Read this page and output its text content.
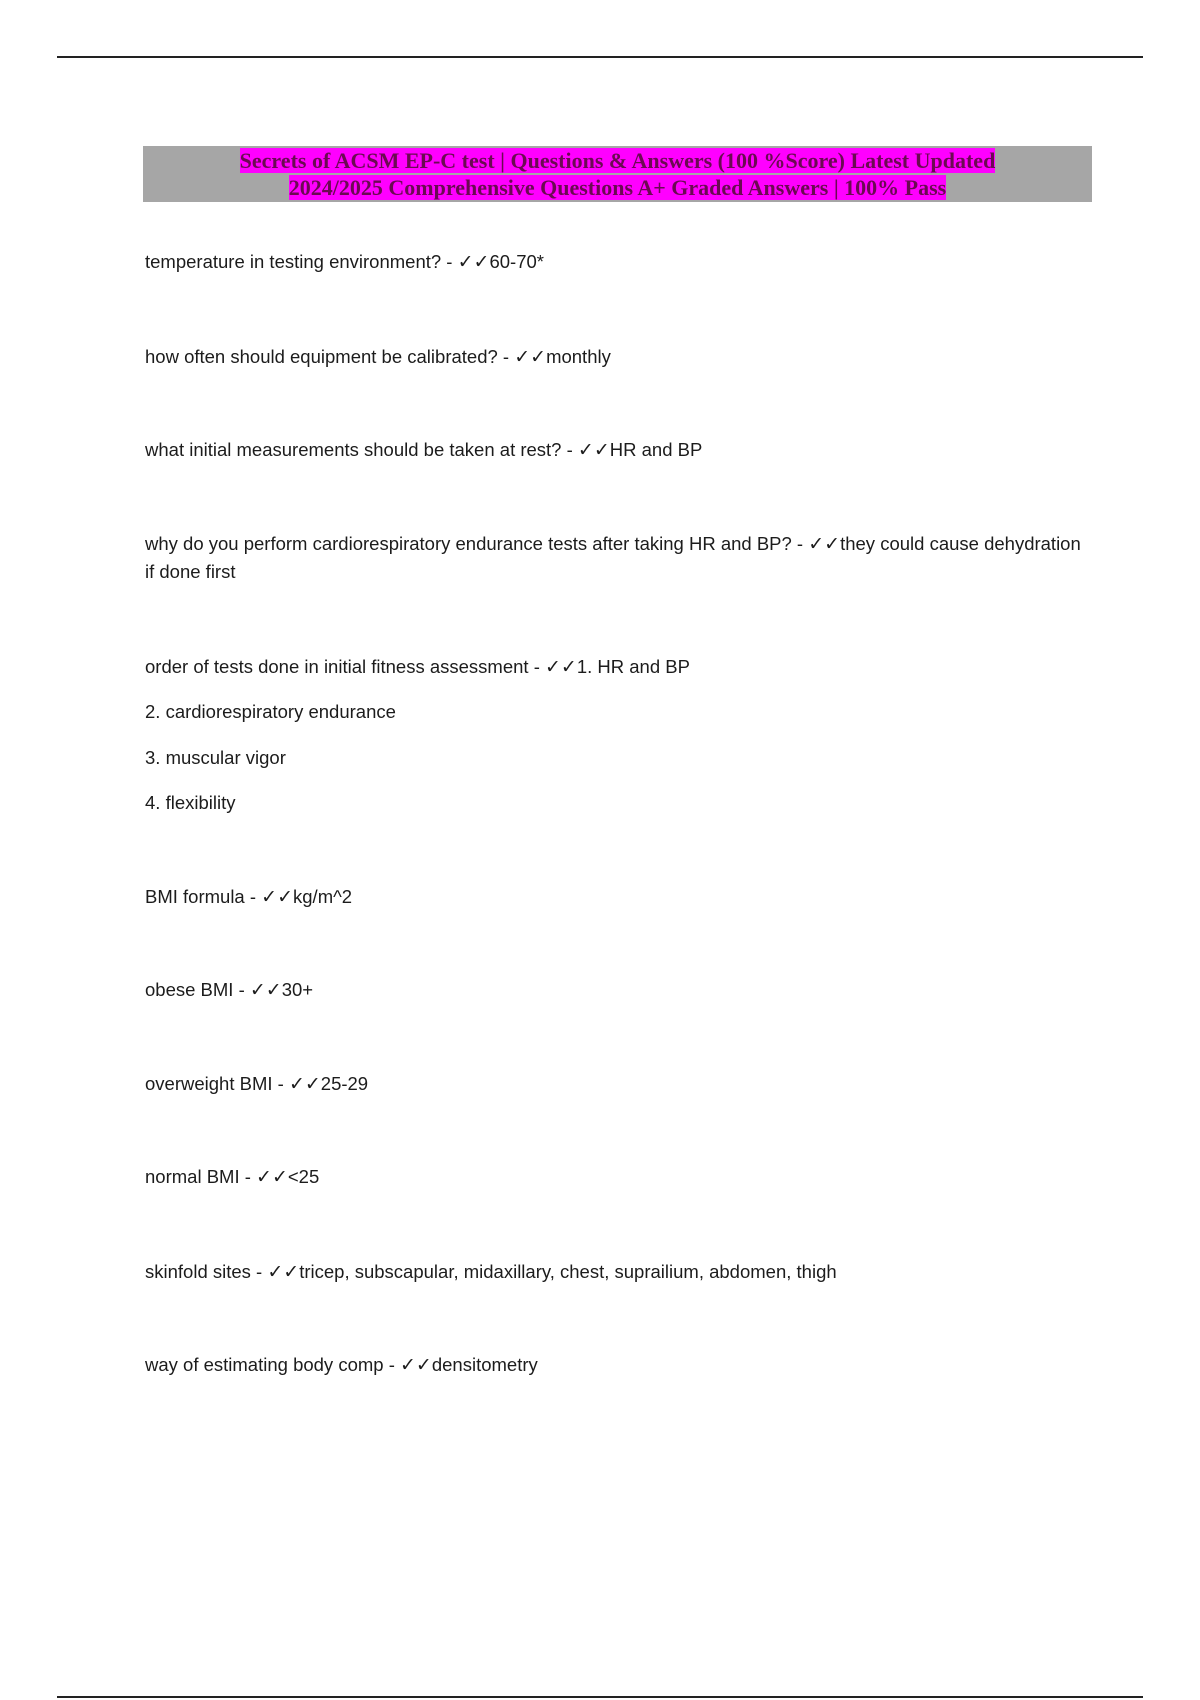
Secrets of ACSM EP-C test | Questions & Answers (100 %Score) Latest Updated
2024/2025 Comprehensive Questions A+ Graded Answers | 100% Pass
temperature in testing environment? - ✓✓60-70*
how often should equipment be calibrated? - ✓✓monthly
what initial measurements should be taken at rest? - ✓✓HR and BP
why do you perform cardiorespiratory endurance tests after taking HR and BP? - ✓✓they could cause dehydration if done first
order of tests done in initial fitness assessment - ✓✓1. HR and BP
2. cardiorespiratory endurance
3. muscular vigor
4. flexibility
BMI formula - ✓✓kg/m^2
obese BMI - ✓✓30+
overweight BMI - ✓✓25-29
normal BMI - ✓✓<25
skinfold sites - ✓✓tricep, subscapular, midaxillary, chest, suprailium, abdomen, thigh
way of estimating body comp - ✓✓densitometry
